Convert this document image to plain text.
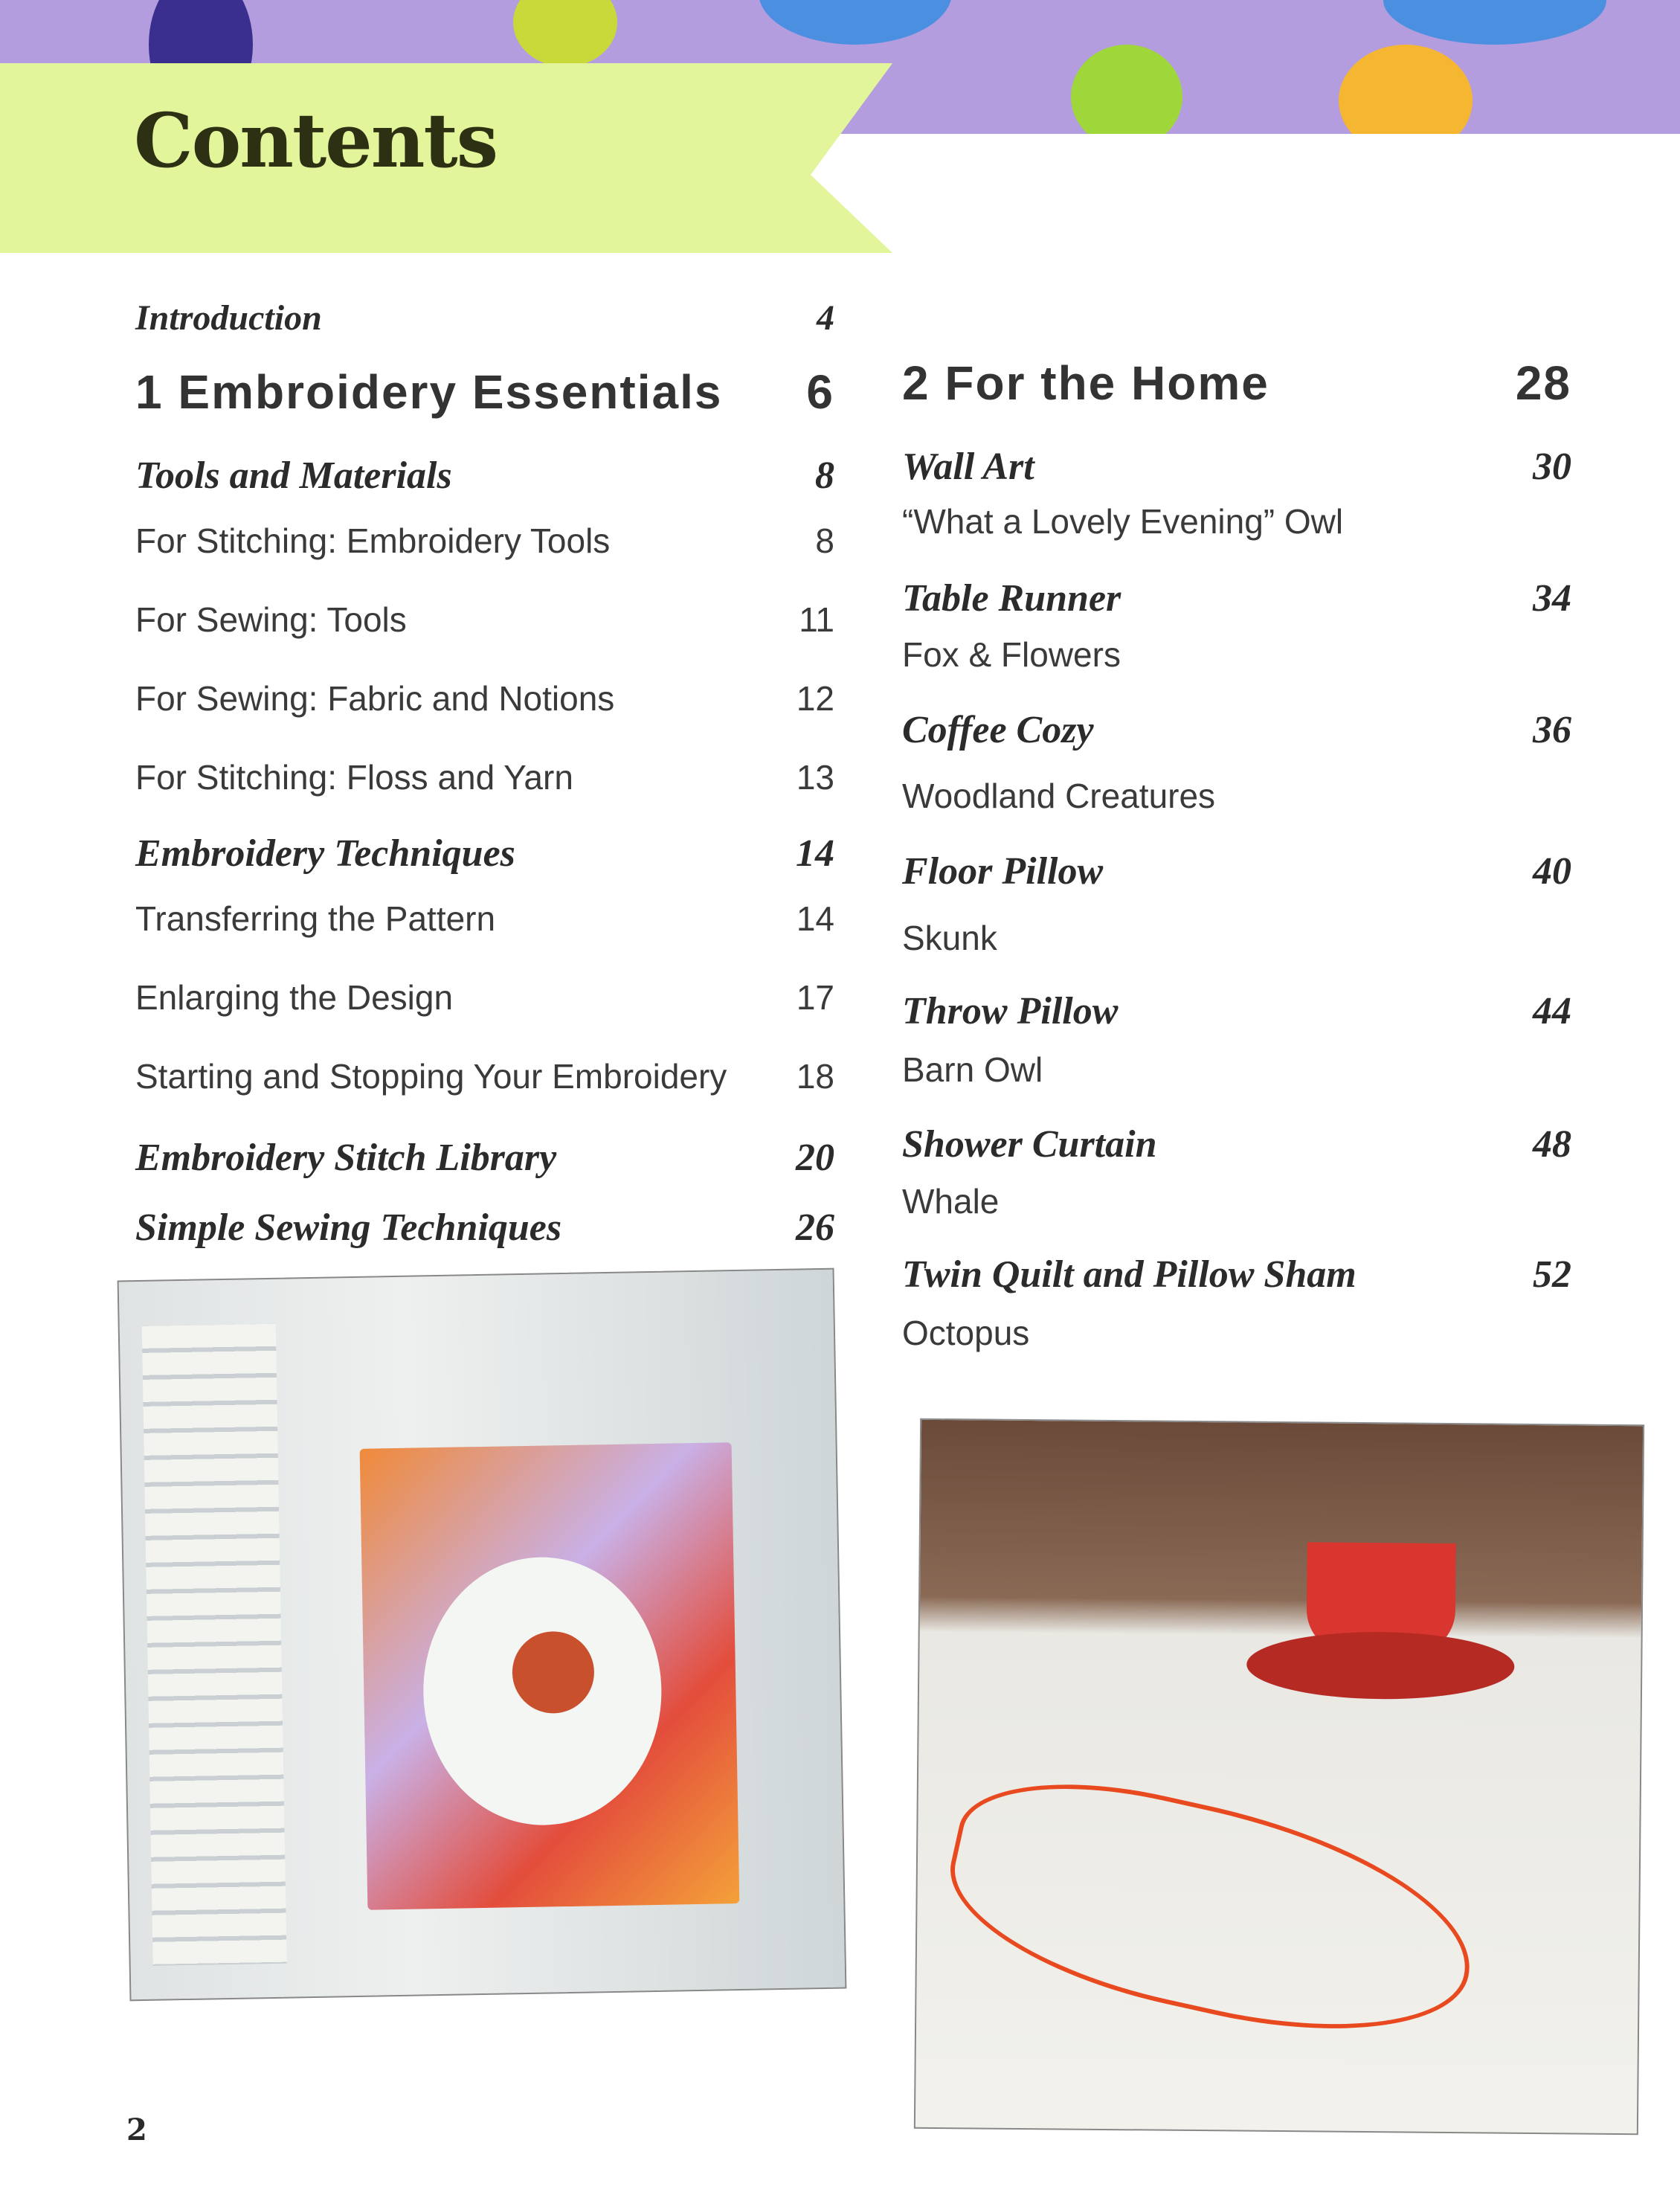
Contents
Introduction	4
1 Embroidery Essentials 6
Tools and Materials	8
For Stitching: Embroidery Tools	8
For Sewing: Tools	11
For Sewing: Fabric and Notions	12
For Stitching: Floss and Yarn	13
Embroidery Techniques	14
Transferring the Pattern	14
Enlarging the Design	17
Starting and Stopping Your Embroidery 18
Embroidery Stitch Library	20
Simple Sewing Techniques	26
2 For the Home	28
Wall Art	30
“What a Lovely Evening” Owl
Table Runner	34
Fox & Flowers
Coffee Cozy	36
Woodland Creatures
Floor Pillow	40
Skunk
Throw Pillow	44
Barn Owl
Shower Curtain	48
Whale
Twin Quilt and Pillow Sham	52
Octopus
2
